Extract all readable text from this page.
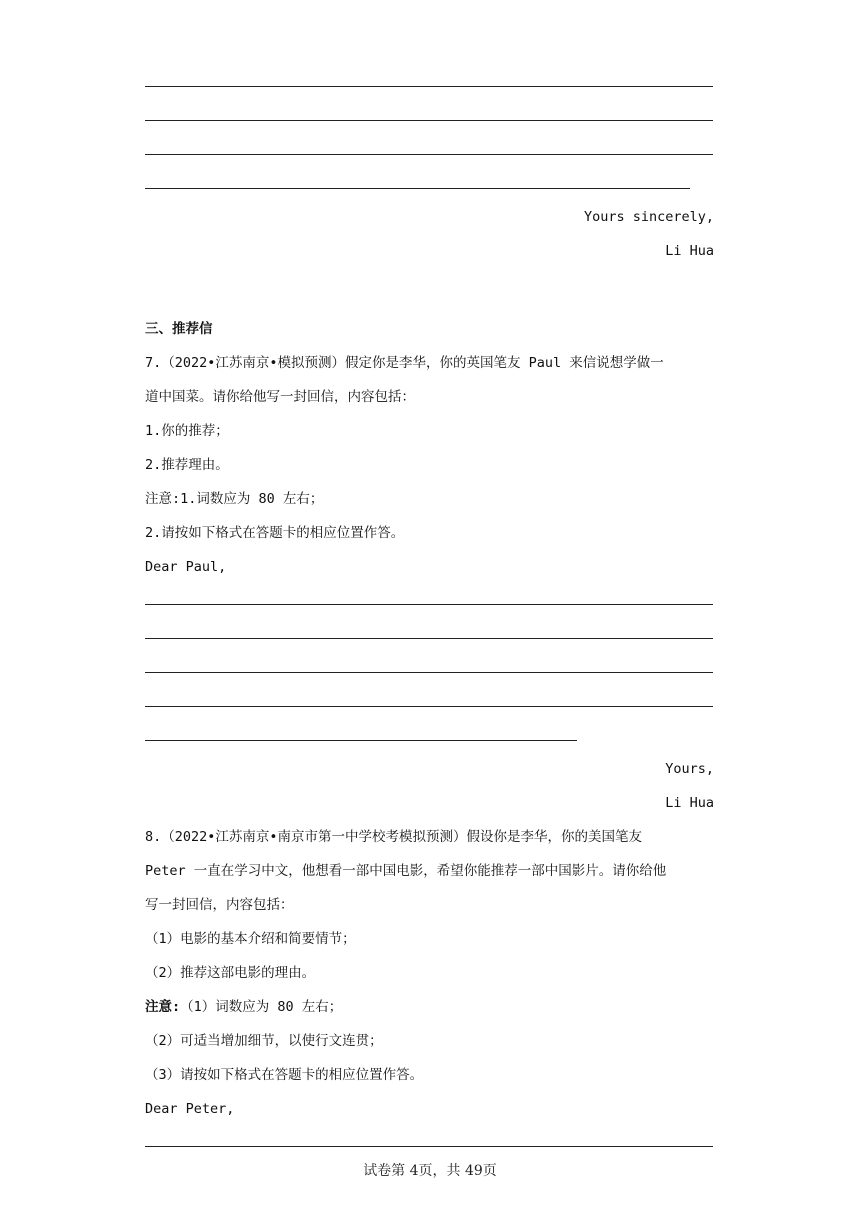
Yours sincerely,
Li Hua
三、推荐信
7.（2022•江苏南京•模拟预测）假定你是李华，你的英国笔友 Paul 来信说想学做一
道中国菜。请你给他写一封回信，内容包括：
1.你的推荐；
2.推荐理由。
注意:1.词数应为 80 左右；
2.请按如下格式在答题卡的相应位置作答。
Dear Paul,
Yours,
Li Hua
8.（2022•江苏南京•南京市第一中学校考模拟预测）假设你是李华，你的美国笔友
Peter 一直在学习中文，他想看一部中国电影，希望你能推荐一部中国影片。请你给他
写一封回信，内容包括：
（1）电影的基本介绍和简要情节；
（2）推荐这部电影的理由。
注意:（1）词数应为 80 左右；
（2）可适当增加细节，以使行文连贯；
（3）请按如下格式在答题卡的相应位置作答。
Dear Peter,
试卷第 4页，共 49页
